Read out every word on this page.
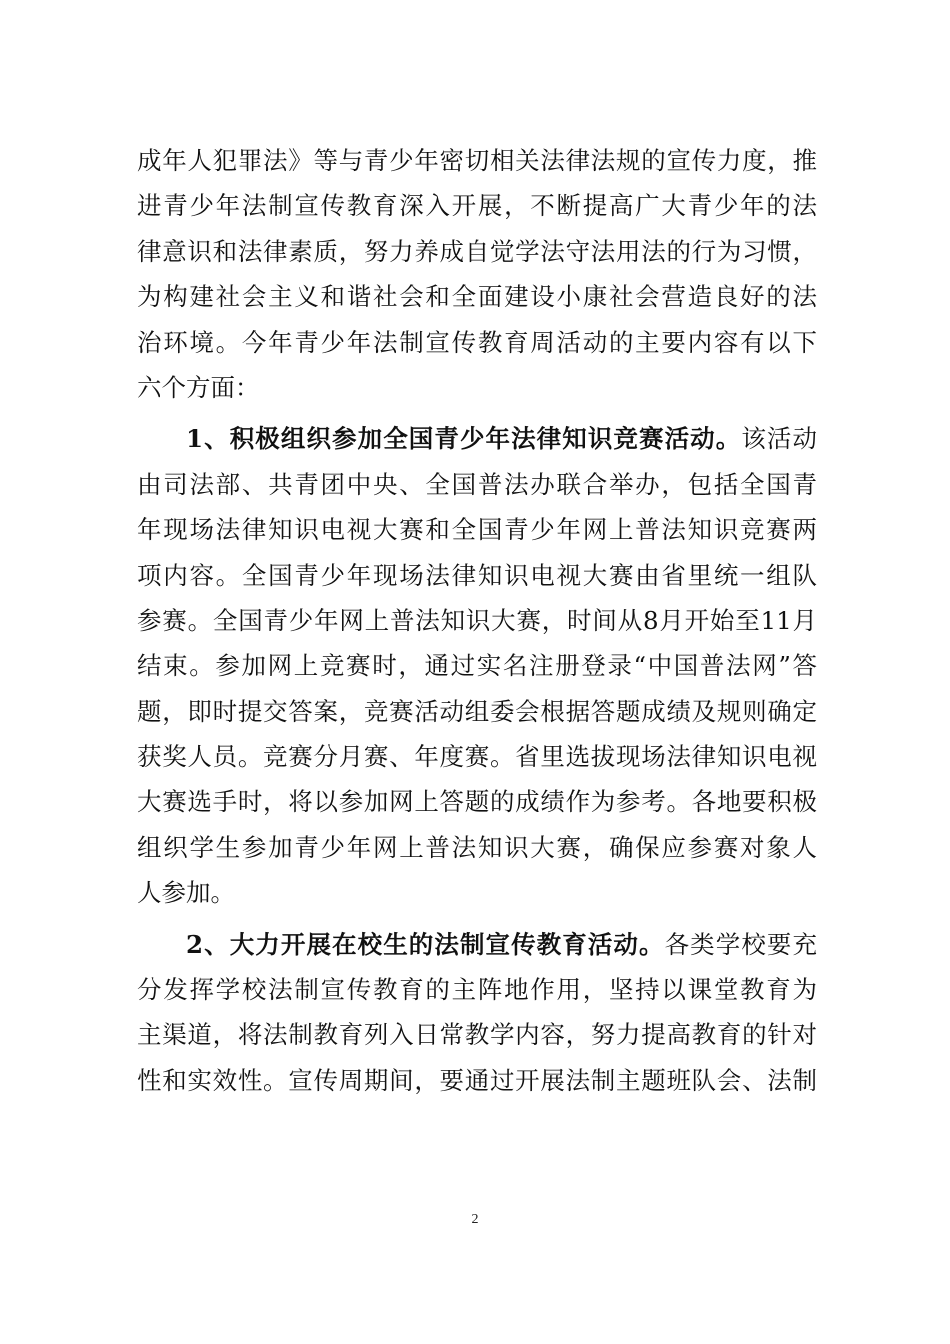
成年人犯罪法》等与青少年密切相关法律法规的宣传力度，推
进青少年法制宣传教育深入开展，不断提高广大青少年的法
律意识和法律素质，努力养成自觉学法守法用法的行为习惯，
为构建社会主义和谐社会和全面建设小康社会营造良好的法
治环境。今年青少年法制宣传教育周活动的主要内容有以下
六个方面：
1、积极组织参加全国青少年法律知识竞赛活动。该活动
由司法部、共青团中央、全国普法办联合举办，包括全国青
年现场法律知识电视大赛和全国青少年网上普法知识竞赛两
项内容。全国青少年现场法律知识电视大赛由省里统一组队
参赛。全国青少年网上普法知识大赛，时间从8月开始至11月
结束。参加网上竞赛时，通过实名注册登录“中国普法网”答
题，即时提交答案，竞赛活动组委会根据答题成绩及规则确定
获奖人员。竞赛分月赛、年度赛。省里选拔现场法律知识电视
大赛选手时，将以参加网上答题的成绩作为参考。各地要积极
组织学生参加青少年网上普法知识大赛，确保应参赛对象人
人参加。
2、大力开展在校生的法制宣传教育活动。各类学校要充
分发挥学校法制宣传教育的主阵地作用，坚持以课堂教育为
主渠道，将法制教育列入日常教学内容，努力提高教育的针对
性和实效性。宣传周期间，要通过开展法制主题班队会、法制
2
